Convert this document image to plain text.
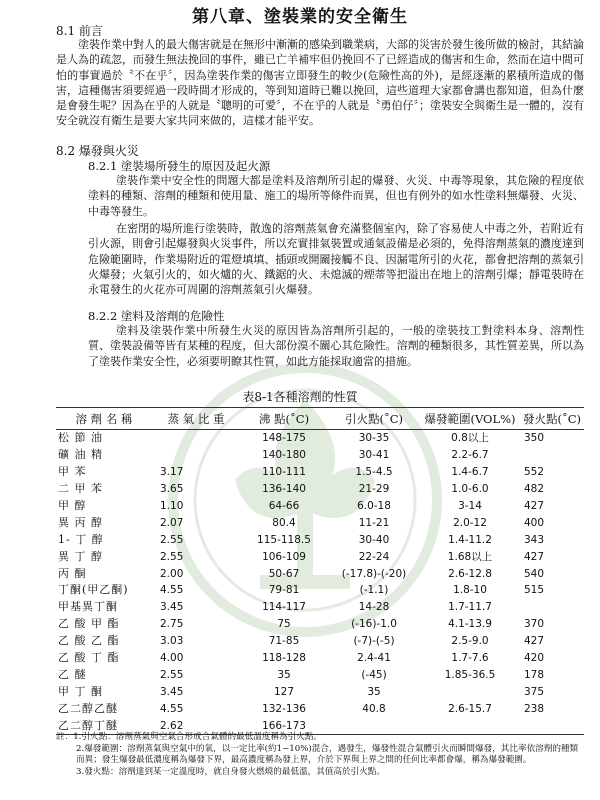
第八章、塗裝業的安全衛生
8.1 前言
塗裝作業中對人的最大傷害就是在無形中漸漸的感染到職業病，大部的災害於發生後所做的檢討，其結論是人為的疏忽，而發生無法挽回的事件，雖已亡羊補牢但仍挽回不了已經造成的傷害和生命，然而在這中間可怕的事實過於〝不在乎〞，因為塗裝作業的傷害立即發生的較少(危險性高的外)，是經逐漸的累積所造成的傷害，這種傷害須要經過一段時間才形成的，等到知道時已難以挽回，這些道理大家都會講也都知道，但為什麼是會發生呢？因為在乎的人就是〝聰明的可愛〞，不在乎的人就是〝勇伯仔〞；塗裝安全與衛生是一體的，沒有安全就沒有衛生是要大家共同來做的，這樣才能平安。
8.2 爆發與火災
8.2.1 塗裝場所發生的原因及起火源
塗裝作業中安全性的問題大都是塗料及溶劑所引起的爆發、火災、中毒等現象，其危險的程度依塗料的種類、溶劑的種類和使用量、施工的場所等條件而異，但也有例外的如水性塗料無爆發、火災、中毒等發生。
在密閉的場所進行塗裝時，散逸的溶劑蒸氣會充滿整個室內，除了容易使人中毒之外，若附近有引火源，則會引起爆發與火災事件，所以充實排氣裝置或通氣設備是必須的，免得溶劑蒸氣的濃度達到危險範圍時，作業場附近的電燈填填、插頭或開關接觸不良、因漏電所引的火花，都會把溶劑的蒸氣引火爆發；火氣引火的，如火爐的火、鐵鋸的火、未熄滅的煙蒂等把溢出在地上的溶劑引爆；靜電裝時在永電發生的火花亦可周圍的溶劑蒸氣引火爆發。
8.2.2 塗料及溶劑的危險性
塗料及塗裝作業中所發生火災的原因皆為溶劑所引起的，一般的塗裝技工對塗料本身、溶劑性質、塗裝設備等皆有某種的程度，但大部份漠不關心其危險性。溶劑的種類很多，其性質差異，所以為了塗裝作業安全性，必須要明瞭其性質，如此方能採取適當的措施。
表8-1各種溶劑的性質
溶 劑 名 稱	蒸 氣 比 重	沸 點(˚C)	引火點(˚C)	爆發範圍(VOL%)	發火點(˚C)
松 節 油		148-175	30-35	0.8以上	350
礦 油 精		140-180	30-41	2.2-6.7	
甲 苯	3.17	110-111	1.5-4.5	1.4-6.7	552
二 甲 苯	3.65	136-140	21-29	1.0-6.0	482
甲 醇	1.10	64-66	6.0-18	3-14	427
異 丙 醇	2.07	80.4	11-21	2.0-12	400
1- 丁 醇	2.55	115-118.5	30-40	1.4-11.2	343
異 丁 醇	2.55	106-109	22-24	1.68以上	427
丙 酮	2.00	50-67	(-17.8)-(-20)	2.6-12.8	540
丁酮(甲乙酮)	4.55	79-81	(-1.1)	1.8-10	515
甲基異丁酮	3.45	114-117	14-28	1.7-11.7	
乙 酸 甲 酯	2.75	75	(-16)-1.0	4.1-13.9	370
乙 酸 乙 酯	3.03	71-85	(-7)-(-5)	2.5-9.0	427
乙 酸 丁 酯	4.00	118-128	2.4-41	1.7-7.6	420
乙 醚	2.55	35	(-45)	1.85-36.5	178
甲 丁 酮	3.45	127	35		375
乙二醇乙醚	4.55	132-136	40.8	2.6-15.7	238
乙二醇丁醚	2.62	166-173			
註：1.引火點：溶劑蒸氣與空氣合形成合氣體的最低溫度稱為引火點。
2.爆發範圍：溶劑蒸氣與空氣中的氧，以一定比率(約1~10%)混合，遇發生，爆發性混合氣體引火而瞬間爆發，其比率依溶劑的種類而異；發生爆發最低濃度稱為爆發下界，最高濃度稱為發上界，介於下界與上界之間的任何比率都會爆，稱為爆發範圍。
3.發火點：溶劑達到某一定溫度時，就自身發火燃燒的最低溫，其值高於引火點。
